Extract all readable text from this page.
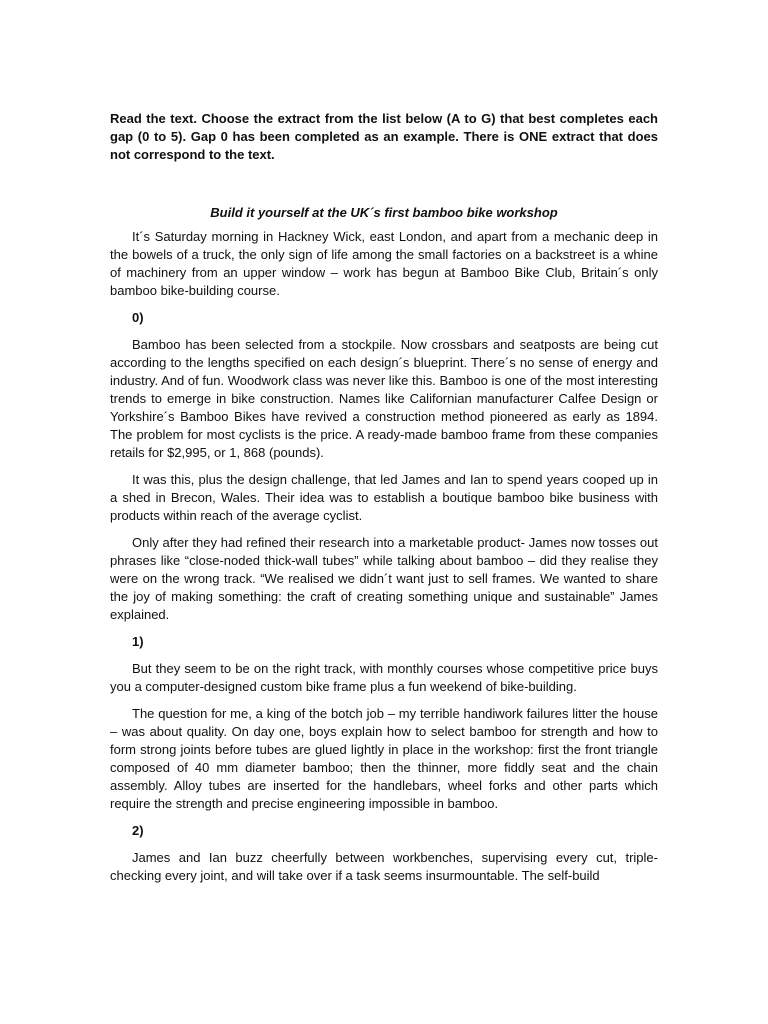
Read the text. Choose the extract from the list below (A to G) that best completes each gap (0 to 5). Gap 0 has been completed as an example. There is ONE extract that does not correspond to the text.

Build it yourself at the UK´s first bamboo bike workshop

It´s Saturday morning in Hackney Wick, east London, and apart from a mechanic deep in the bowels of a truck, the only sign of life among the small factories on a backstreet is a whine of machinery from an upper window – work has begun at Bamboo Bike Club, Britain´s only bamboo bike-building course.

0)

Bamboo has been selected from a stockpile. Now crossbars and seatposts are being cut according to the lengths specified on each design´s blueprint. There´s no sense of energy and industry. And of fun. Woodwork class was never like this. Bamboo is one of the most interesting trends to emerge in bike construction. Names like Californian manufacturer Calfee Design or Yorkshire´s Bamboo Bikes have revived a construction method pioneered as early as 1894. The problem for most cyclists is the price. A ready-made bamboo frame from these companies retails for $2,995, or 1, 868 (pounds).

It was this, plus the design challenge, that led James and Ian to spend years cooped up in a shed in Brecon, Wales. Their idea was to establish a boutique bamboo bike business with products within reach of the average cyclist.

Only after they had refined their research into a marketable product- James now tosses out phrases like “close-noded thick-wall tubes” while talking about bamboo – did they realise they were on the wrong track. “We realised we didn´t want just to sell frames. We wanted to share the joy of making something: the craft of creating something unique and sustainable” James explained.

1)

But they seem to be on the right track, with monthly courses whose competitive price buys you a computer-designed custom bike frame plus a fun weekend of bike-building.

The question for me, a king of the botch job – my terrible handiwork failures litter the house – was about quality. On day one, boys explain how to select bamboo for strength and how to form strong joints before tubes are glued lightly in place in the workshop: first the front triangle composed of 40 mm diameter bamboo; then the thinner, more fiddly seat and the chain assembly. Alloy tubes are inserted for the handlebars, wheel forks and other parts which require the strength and precise engineering impossible in bamboo.

2)

James and Ian buzz cheerfully between workbenches, supervising every cut, triple-checking every joint, and will take over if a task seems insurmountable. The self-build
